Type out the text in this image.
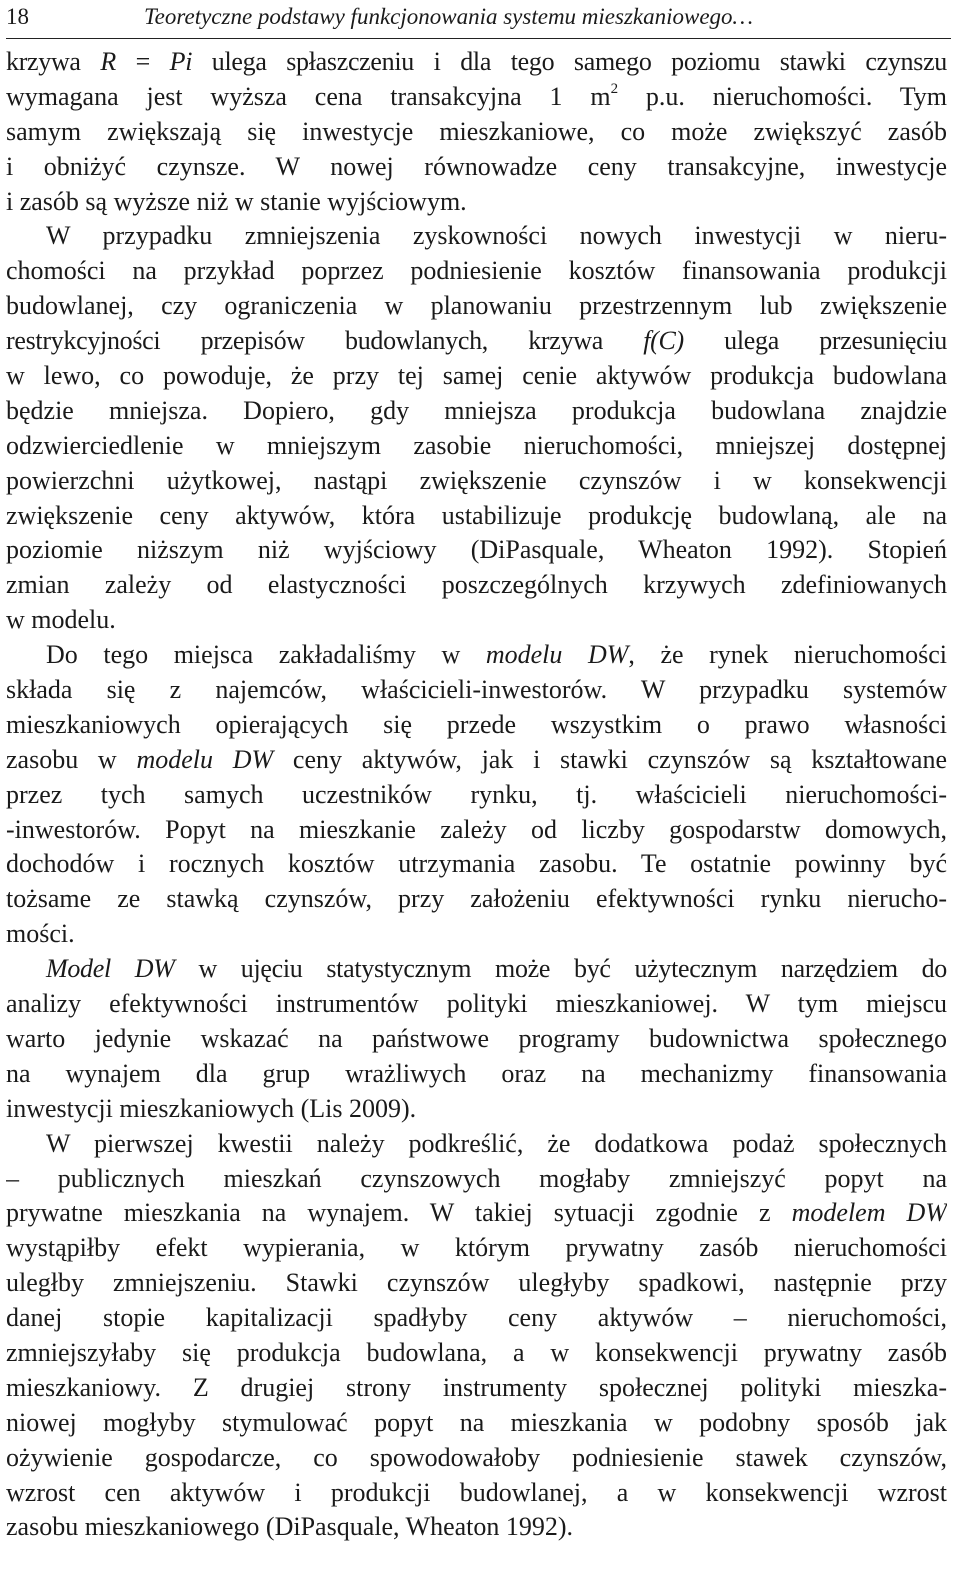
18	Teoretyczne podstawy funkcjonowania systemu mieszkaniowego…
krzywa R = Pi ulega spłaszczeniu i dla tego samego poziomu stawki czynszu
wymagana jest wyższa cena transakcyjna 1 $m^2$ p.u. nieruchomości. Tym
samym zwiększają się inwestycje mieszkaniowe, co może zwiększyć zasób
i obniżyć czynsze. W nowej równowadze ceny transakcyjne, inwestycje
i zasób są wyższe niż w stanie wyjściowym.
W przypadku zmniejszenia zyskowności nowych inwestycji w nieru-
chomości na przykład poprzez podniesienie kosztów finansowania produkcji
budowlanej, czy ograniczenia w planowaniu przestrzennym lub zwiększenie
restrykcyjności przepisów budowlanych, krzywa f(C) ulega przesunięciu
w lewo, co powoduje, że przy tej samej cenie aktywów produkcja budowlana
będzie mniejsza. Dopiero, gdy mniejsza produkcja budowlana znajdzie
odzwierciedlenie w mniejszym zasobie nieruchomości, mniejszej dostępnej
powierzchni użytkowej, nastąpi zwiększenie czynszów i w konsekwencji
zwiększenie ceny aktywów, która ustabilizuje produkcję budowlaną, ale na
poziomie niższym niż wyjściowy (DiPasquale, Wheaton 1992). Stopień
zmian zależy od elastyczności poszczególnych krzywych zdefiniowanych
w modelu.
Do tego miejsca zakładaliśmy w modelu DW, że rynek nieruchomości
składa się z najemców, właścicieli-inwestorów. W przypadku systemów
mieszkaniowych opierających się przede wszystkim o prawo własności
zasobu w modelu DW ceny aktywów, jak i stawki czynszów są kształtowane
przez tych samych uczestników rynku, tj. właścicieli nieruchomości-
-inwestorów. Popyt na mieszkanie zależy od liczby gospodarstw domowych,
dochodów i rocznych kosztów utrzymania zasobu. Te ostatnie powinny być
tożsame ze stawką czynszów, przy założeniu efektywności rynku nierucho-
mości.
Model DW w ujęciu statystycznym może być użytecznym narzędziem do
analizy efektywności instrumentów polityki mieszkaniowej. W tym miejscu
warto jedynie wskazać na państwowe programy budownictwa społecznego
na wynajem dla grup wrażliwych oraz na mechanizmy finansowania
inwestycji mieszkaniowych (Lis 2009).
W pierwszej kwestii należy podkreślić, że dodatkowa podaż społecznych
– publicznych mieszkań czynszowych mogłaby zmniejszyć popyt na
prywatne mieszkania na wynajem. W takiej sytuacji zgodnie z modelem DW
wystąpiłby efekt wypierania, w którym prywatny zasób nieruchomości
uległby zmniejszeniu. Stawki czynszów uległyby spadkowi, następnie przy
danej stopie kapitalizacji spadłyby ceny aktywów – nieruchomości,
zmniejszyłaby się produkcja budowlana, a w konsekwencji prywatny zasób
mieszkaniowy. Z drugiej strony instrumenty społecznej polityki mieszka-
niowej mogłyby stymulować popyt na mieszkania w podobny sposób jak
ożywienie gospodarcze, co spowodowałoby podniesienie stawek czynszów,
wzrost cen aktywów i produkcji budowlanej, a w konsekwencji wzrost
zasobu mieszkaniowego (DiPasquale, Wheaton 1992).
